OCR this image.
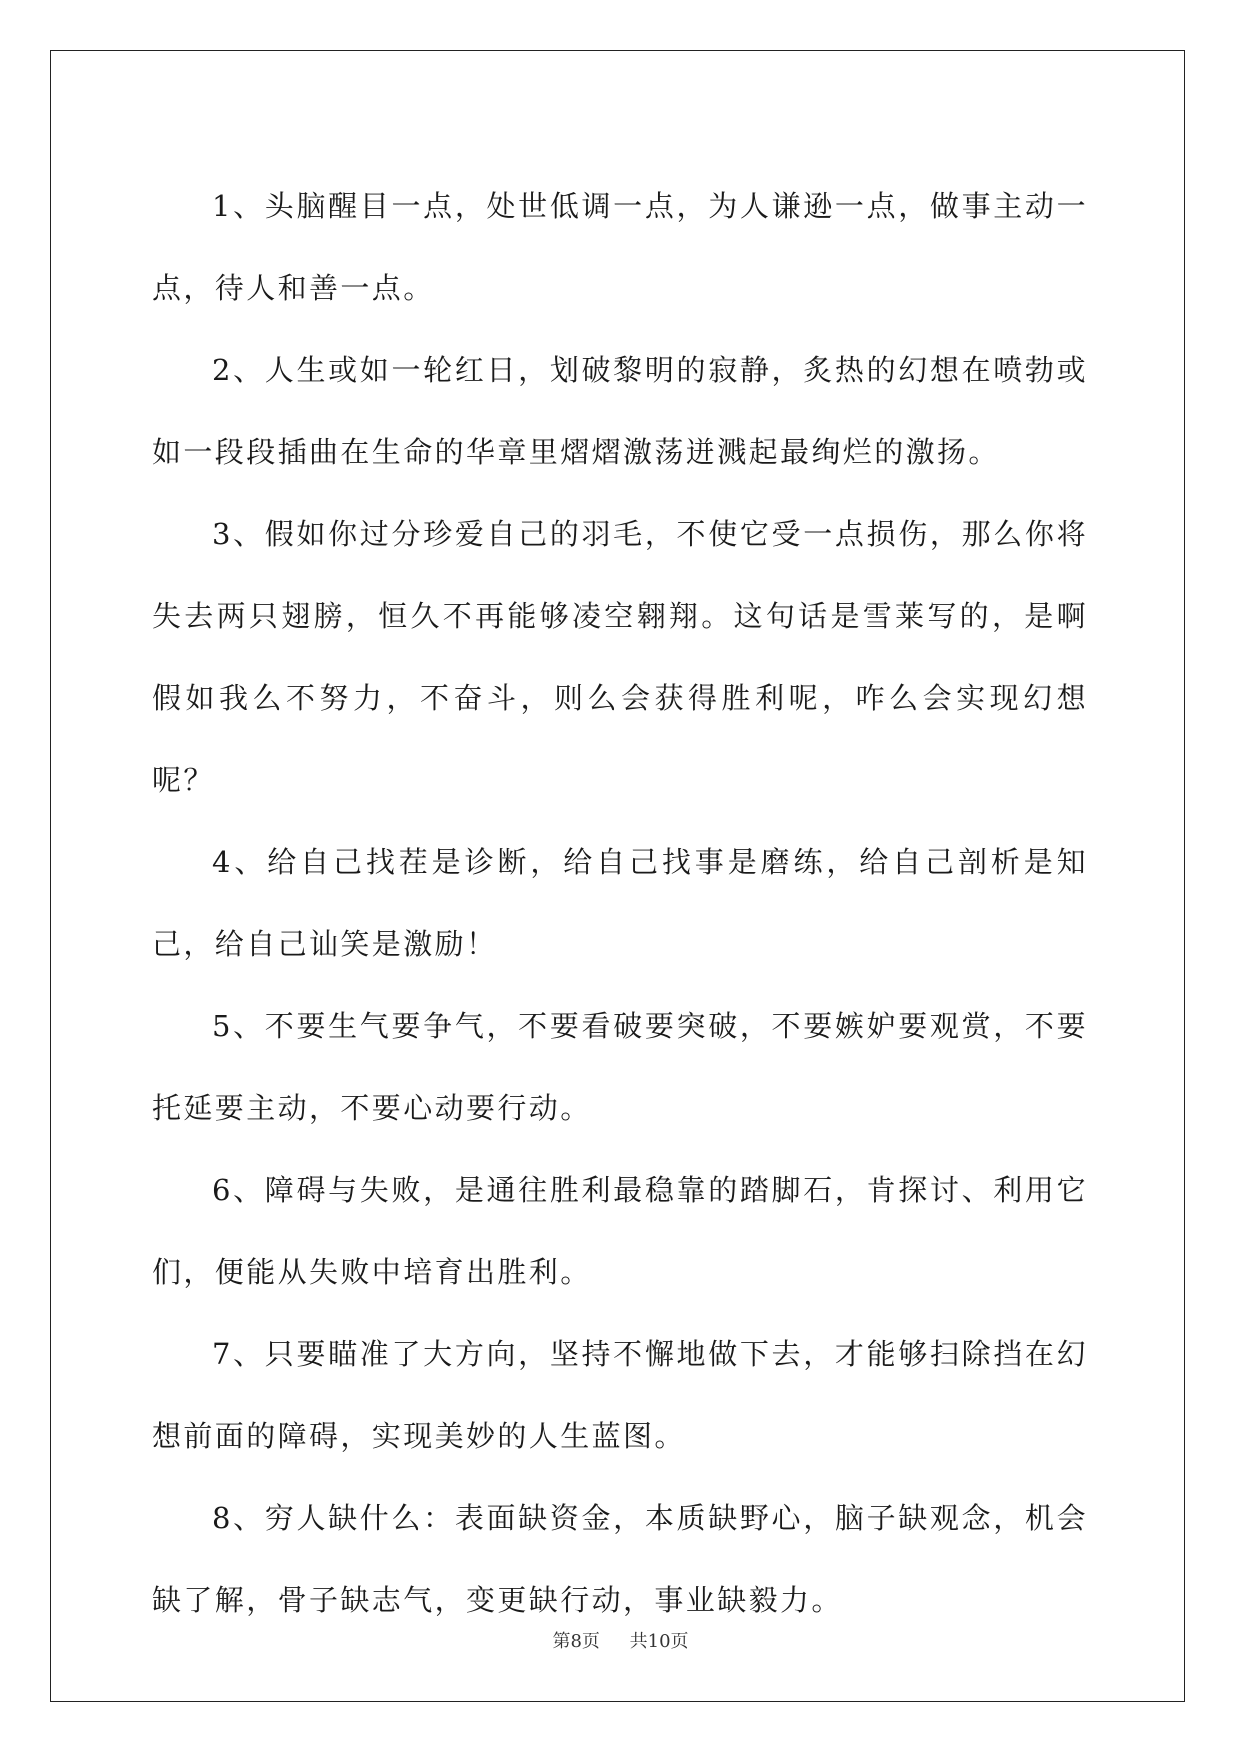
1、头脑醒目一点，处世低调一点，为人谦逊一点，做事主动一点，待人和善一点。

2、人生或如一轮红日，划破黎明的寂静，炙热的幻想在喷勃或如一段段插曲在生命的华章里熠熠激荡迸溅起最绚烂的激扬。

3、假如你过分珍爱自己的羽毛，不使它受一点损伤，那么你将失去两只翅膀，恒久不再能够凌空翱翔。这句话是雪莱写的，是啊假如我么不努力，不奋斗，则么会获得胜利呢，咋么会实现幻想呢？

4、给自己找茬是诊断，给自己找事是磨练，给自己剖析是知己，给自己讪笑是激励！

5、不要生气要争气，不要看破要突破，不要嫉妒要观赏，不要托延要主动，不要心动要行动。

6、障碍与失败，是通往胜利最稳靠的踏脚石，肯探讨、利用它们，便能从失败中培育出胜利。

7、只要瞄准了大方向，坚持不懈地做下去，才能够扫除挡在幻想前面的障碍，实现美妙的人生蓝图。

8、穷人缺什么：表面缺资金，本质缺野心，脑子缺观念，机会缺了解，骨子缺志气，变更缺行动，事业缺毅力。

第8页 共10页
